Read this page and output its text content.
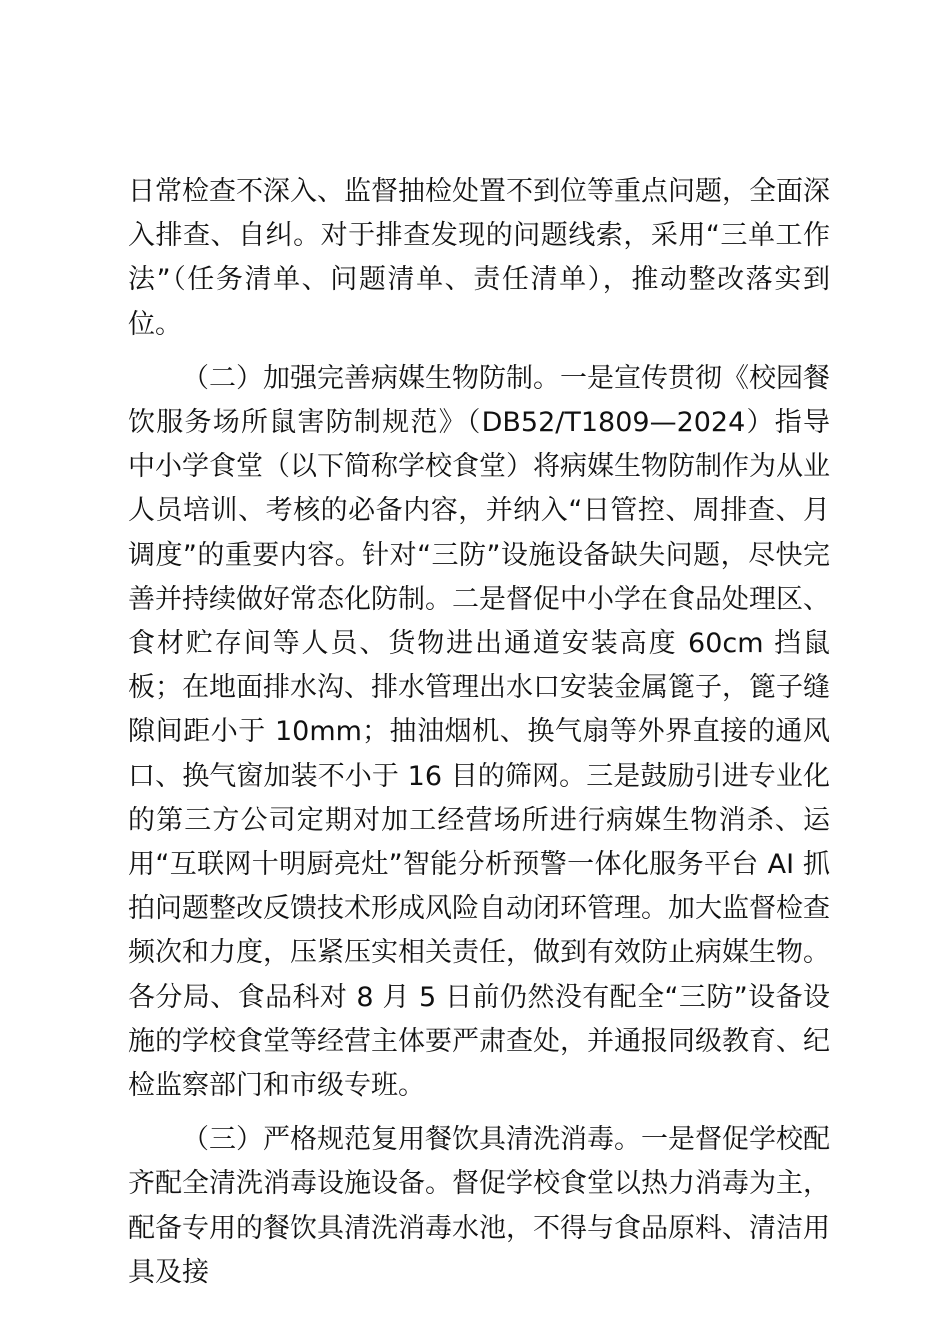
日常检查不深入、监督抽检处置不到位等重点问题，全面深入排查、自纠。对于排查发现的问题线索，采用“三单工作法”（任务清单、问题清单、责任清单），推动整改落实到位。

（二）加强完善病媒生物防制。一是宣传贯彻《校园餐饮服务场所鼠害防制规范》（DB52/T1809—2024）指导中小学食堂（以下简称学校食堂）将病媒生物防制作为从业人员培训、考核的必备内容，并纳入“日管控、周排查、月调度”的重要内容。针对“三防”设施设备缺失问题，尽快完善并持续做好常态化防制。二是督促中小学在食品处理区、食材贮存间等人员、货物进出通道安装高度 60cm 挡鼠板；在地面排水沟、排水管理出水口安装金属篦子，篦子缝隙间距小于 10mm；抽油烟机、换气扇等外界直接的通风口、换气窗加装不小于 16 目的筛网。三是鼓励引进专业化的第三方公司定期对加工经营场所进行病媒生物消杀、运用“互联网十明厨亮灶”智能分析预警一体化服务平台 AI 抓拍问题整改反馈技术形成风险自动闭环管理。加大监督检查频次和力度，压紧压实相关责任，做到有效防止病媒生物。各分局、食品科对 8 月 5 日前仍然没有配全“三防”设备设施的学校食堂等经营主体要严肃查处，并通报同级教育、纪检监察部门和市级专班。

（三）严格规范复用餐饮具清洗消毒。一是督促学校配齐配全清洗消毒设施设备。督促学校食堂以热力消毒为主，配备专用的餐饮具清洗消毒水池，不得与食品原料、清洁用具及接
